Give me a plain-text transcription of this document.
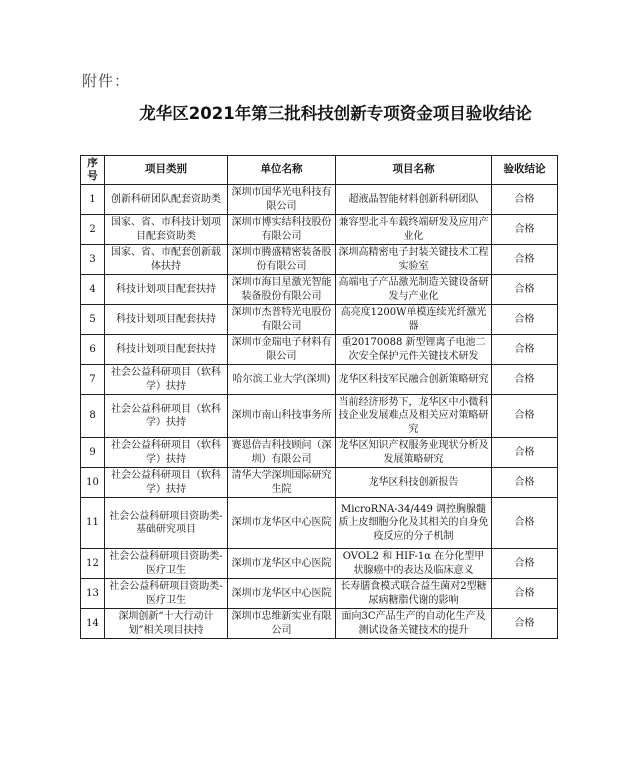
附件：
龙华区2021年第三批科技创新专项资金项目验收结论
序号	项目类别	单位名称	项目名称	验收结论
1	创新科研团队配套资助类	深圳市国华光电科技有限公司	超液晶智能材料创新科研团队	合格
2	国家、省、市科技计划项目配套资助类	深圳市博实结科技股份有限公司	兼容型北斗车载终端研发及应用产业化	合格
3	国家、省、市配套创新载体扶持	深圳市腾盛精密装备股份有限公司	深圳高精密电子封装关键技术工程实验室	合格
4	科技计划项目配套扶持	深圳市海目星激光智能装备股份有限公司	高端电子产品激光制造关键设备研发与产业化	合格
5	科技计划项目配套扶持	深圳市杰普特光电股份有限公司	高亮度1200W单模连续光纤激光器	合格
6	科技计划项目配套扶持	深圳市金瑞电子材料有限公司	重20170088 新型锂离子电池二次安全保护元件关键技术研发	合格
7	社会公益科研项目（软科学）扶持	哈尔滨工业大学(深圳)	龙华区科技军民融合创新策略研究	合格
8	社会公益科研项目（软科学）扶持	深圳市南山科技事务所	当前经济形势下，龙华区中小微科技企业发展难点及相关应对策略研究	合格
9	社会公益科研项目（软科学）扶持	赛恩倍吉科技顾问（深圳）有限公司	龙华区知识产权服务业现状分析及发展策略研究	合格
10	社会公益科研项目（软科学）扶持	清华大学深圳国际研究生院	龙华区科技创新报告	合格
11	社会公益科研项目资助类-基础研究项目	深圳市龙华区中心医院	MicroRNA-34/449 调控胸腺髓质上皮细胞分化及其相关的自身免疫反应的分子机制	合格
12	社会公益科研项目资助类-医疗卫生	深圳市龙华区中心医院	OVOL2 和 HIF-1α 在分化型甲状腺癌中的表达及临床意义	合格
13	社会公益科研项目资助类-医疗卫生	深圳市龙华区中心医院	长寿膳食模式联合益生菌对2型糖尿病糖脂代谢的影响	合格
14	深圳创新“十大行动计划”相关项目扶持	深圳市忠维新实业有限公司	面向3C产品生产的自动化生产及测试设备关键技术的提升	合格
